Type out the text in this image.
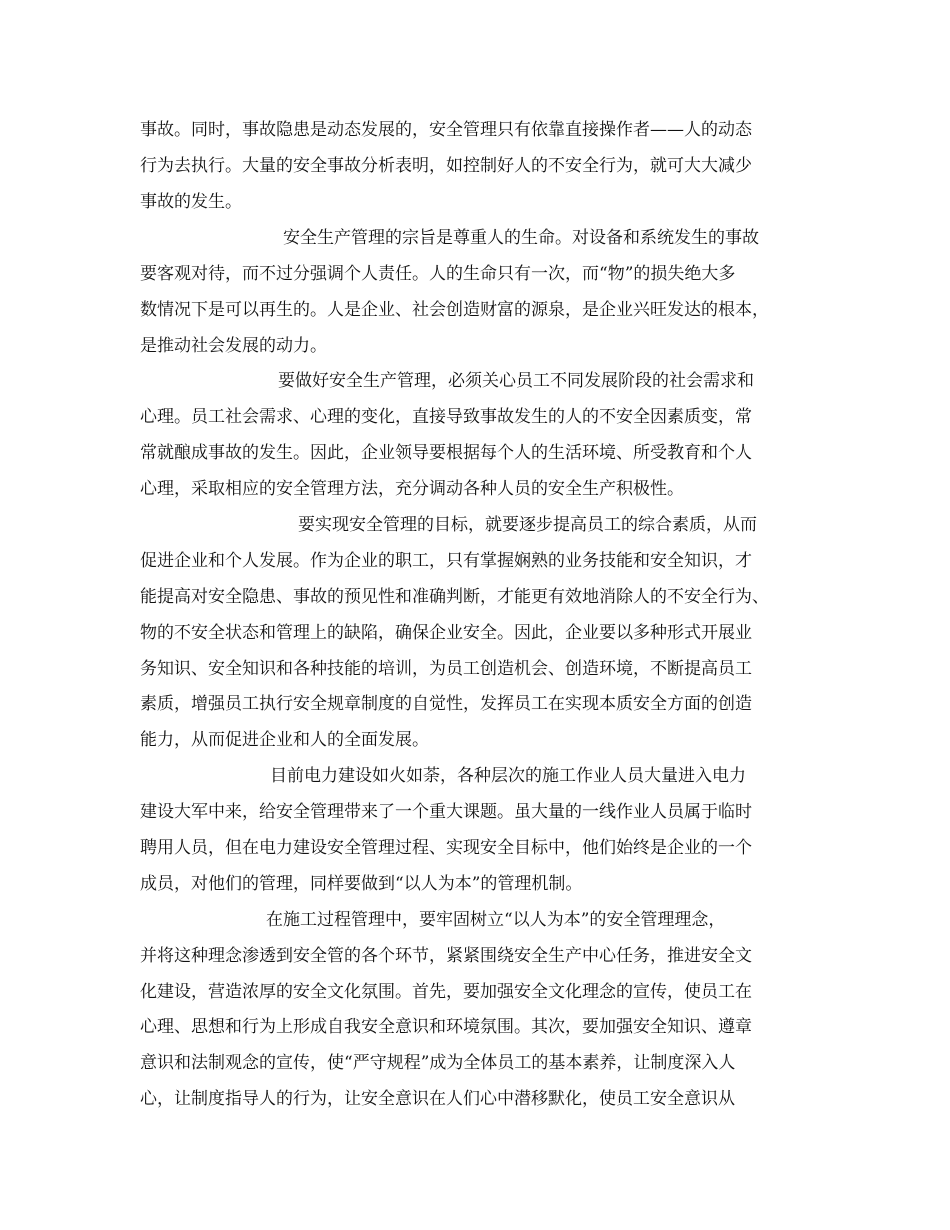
事故。同时，事故隐患是动态发展的，安全管理只有依靠直接操作者——人的动态
行为去执行。大量的安全事故分析表明，如控制好人的不安全行为，就可大大减少
事故的发生。
安全生产管理的宗旨是尊重人的生命。对设备和系统发生的事故
要客观对待，而不过分强调个人责任。人的生命只有一次，而“物”的损失绝大多
数情况下是可以再生的。人是企业、社会创造财富的源泉，是企业兴旺发达的根本，
是推动社会发展的动力。
要做好安全生产管理，必须关心员工不同发展阶段的社会需求和
心理。员工社会需求、心理的变化，直接导致事故发生的人的不安全因素质变，常
常就酿成事故的发生。因此，企业领导要根据每个人的生活环境、所受教育和个人
心理，采取相应的安全管理方法，充分调动各种人员的安全生产积极性。
要实现安全管理的目标，就要逐步提高员工的综合素质，从而
促进企业和个人发展。作为企业的职工，只有掌握娴熟的业务技能和安全知识，才
能提高对安全隐患、事故的预见性和准确判断，才能更有效地消除人的不安全行为、
物的不安全状态和管理上的缺陷，确保企业安全。因此，企业要以多种形式开展业
务知识、安全知识和各种技能的培训，为员工创造机会、创造环境，不断提高员工
素质，增强员工执行安全规章制度的自觉性，发挥员工在实现本质安全方面的创造
能力，从而促进企业和人的全面发展。
目前电力建设如火如荼，各种层次的施工作业人员大量进入电力
建设大军中来，给安全管理带来了一个重大课题。虽大量的一线作业人员属于临时
聘用人员，但在电力建设安全管理过程、实现安全目标中，他们始终是企业的一个
成员，对他们的管理，同样要做到“以人为本”的管理机制。
在施工过程管理中，要牢固树立“以人为本”的安全管理理念，
并将这种理念渗透到安全管的各个环节，紧紧围绕安全生产中心任务，推进安全文
化建设，营造浓厚的安全文化氛围。首先，要加强安全文化理念的宣传，使员工在
心理、思想和行为上形成自我安全意识和环境氛围。其次，要加强安全知识、遵章
意识和法制观念的宣传，使“严守规程”成为全体员工的基本素养，让制度深入人
心，让制度指导人的行为，让安全意识在人们心中潜移默化，使员工安全意识从
